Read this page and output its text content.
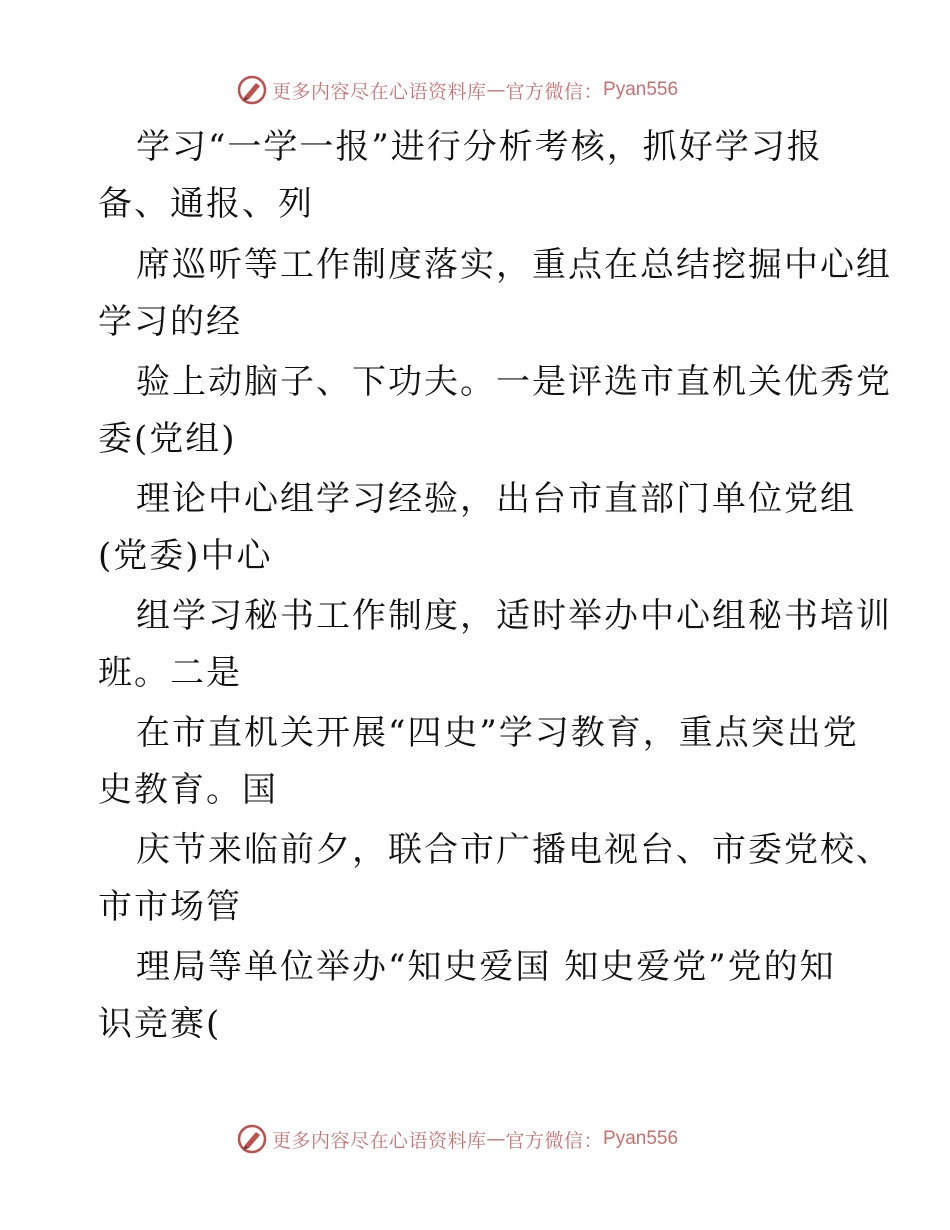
更多内容尽在心语资料库 — 官方微信： Pyan556
学习“一学一报”进行分析考核，抓好学习报
备、通报、列
席巡听等工作制度落实，重点在总结挖掘中心组
学习的经
验上动脑子、下功夫。一是评选市直机关优秀党
委(党组)
理论中心组学习经验，出台市直部门单位党组
(党委)中心
组学习秘书工作制度，适时举办中心组秘书培训
班。二是
在市直机关开展“四史”学习教育，重点突出党
史教育。国
庆节来临前夕，联合市广播电视台、市委党校、
市市场管
理局等单位举办“知史爱国 知史爱党”党的知
识竞赛(
更多内容尽在心语资料库 — 官方微信： Pyan556
